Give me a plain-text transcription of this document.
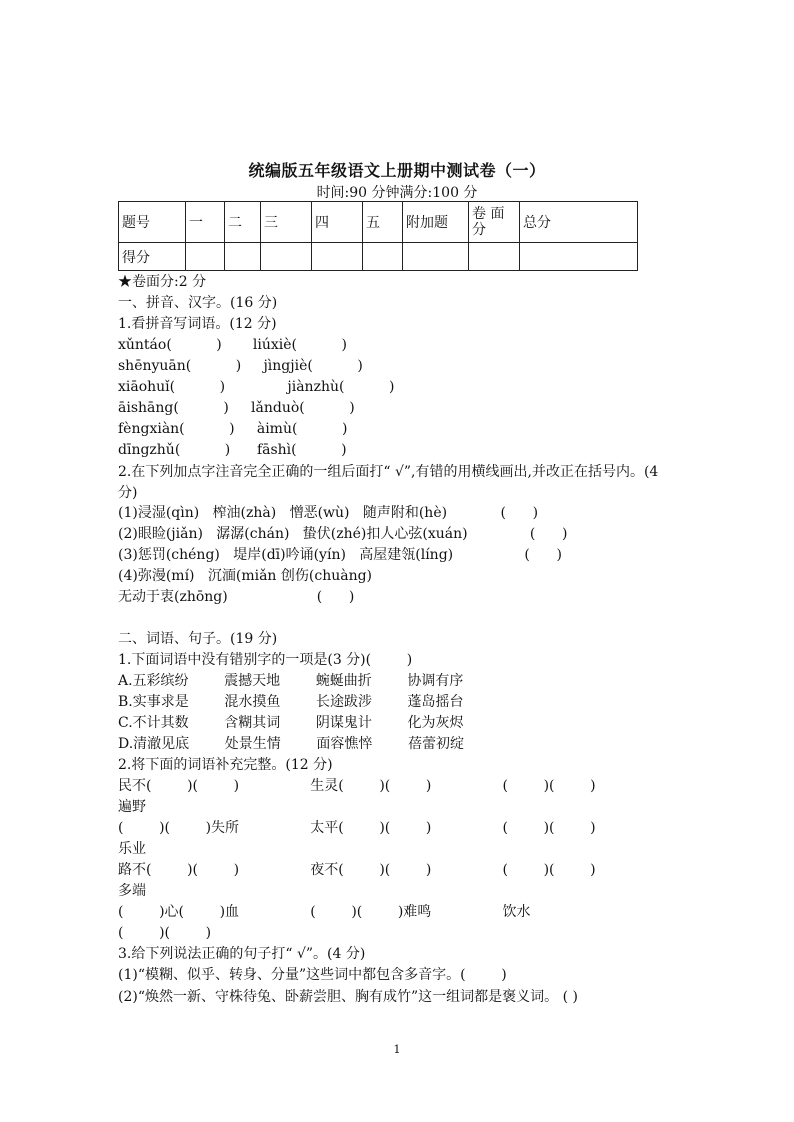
统编版五年级语文上册期中测试卷（一）
时间:90 分钟满分:100 分
题号	一	二	三	四	五	附加题	卷 面 分	总分
得分								
★卷面分:2 分
一、拼音、汉字。(16 分)
1.看拼音写词语。(12 分)
xǔntáo(          )       liúxiè(          )
shēnyuān(          )     jìngjiè(          )
xiāohuǐ(          )              jiànzhù(          )
āishāng(          )     lǎnduò(          )
fèngxiàn(          )     àimù(          )
dīngzhǔ(          )      fāshì(          )
2.在下列加点字注音完全正确的一组后面打“ √”,有错的用横线画出,并改正在括号内。(4 分)
(1)浸湿(qìn)   榨油(zhà)   憎恶(wù)   随声附和(hè)            (      )
(2)眼睑(jiǎn)   潺潺(chán)   蛰伏(zhé)扣人心弦(xuán)              (      )
(3)惩罚(chéng)   堤岸(dī)吟诵(yín)   高屋建瓴(líng)                (      )
(4)弥漫(mí)   沉湎(miǎn 创伤(chuàng)
无动于衷(zhōng)                    (      )
二、词语、句子。(19 分)
1.下面词语中没有错别字的一项是(3 分)(        )
A.五彩缤纷        震撼天地        蜿蜒曲折        协调有序
B.实事求是        混水摸鱼        长途跋涉        蓬岛摇台
C.不计其数        含糊其词        阴谋鬼计        化为灰烬
D.清澈见底        处景生情        面容憔悴        蓓蕾初绽
2.将下面的词语补充完整。(12 分)
民不(        )(        )                生灵(        )(        )                (        )(        )
遍野
(        )(        )失所                太平(        )(        )                (        )(        )
乐业
路不(        )(        )                夜不(        )(        )                (        )(        )
多端
(        )心(        )血                (        )(        )难鸣                饮水
(        )(        )
3.给下列说法正确的句子打“ √”。(4 分)
(1)“模糊、似乎、转身、分量”这些词中都包含多音字。(        )
(2)“焕然一新、守株待兔、卧薪尝胆、胸有成竹”这一组词都是褒义词。 ( )
1
